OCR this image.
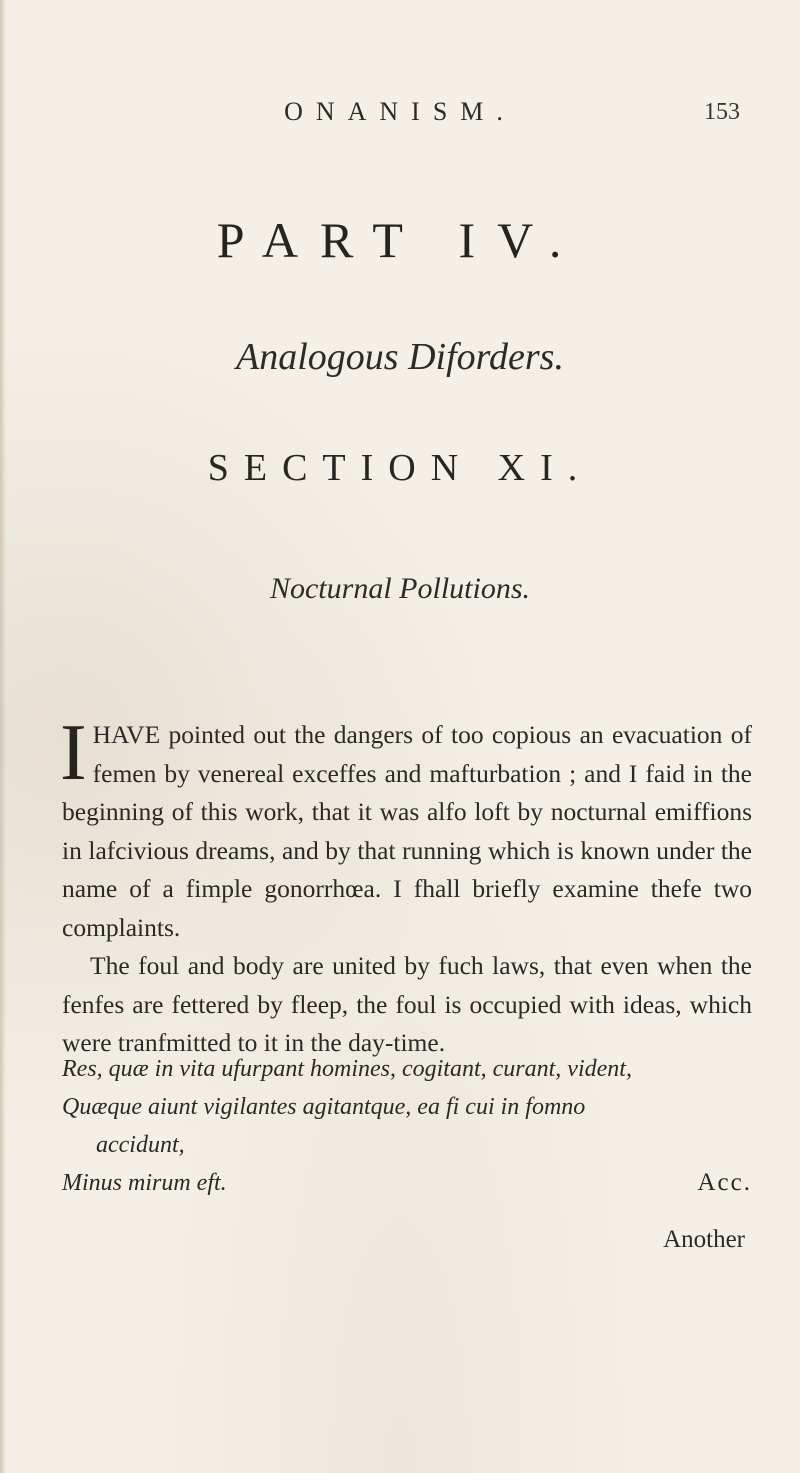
ONANISM.	153
PART IV.
Analogous Diforders.
SECTION XI.
Nocturnal Pollutions.

IHAVE pointed out the dangers of too copious an evacuation of femen by venereal exceffes and mafturbation ; and I faid in the beginning of this work, that it was alfo loft by nocturnal emiffions in lafcivious dreams, and by that running which is known under the name of a fimple gonorrhœa. I fhall briefly examine thefe two complaints.

The foul and body are united by fuch laws, that even when the fenfes are fettered by fleep, the foul is occupied with ideas, which were tranfmitted to it in the day-time.

Res, quæ in vita ufurpant homines, cogitant, curant, vident,
Quæque aiunt vigilantes agitantque, ea fi cui in fomno
accidunt,
Minus mirum eft.	Acc.
Another
